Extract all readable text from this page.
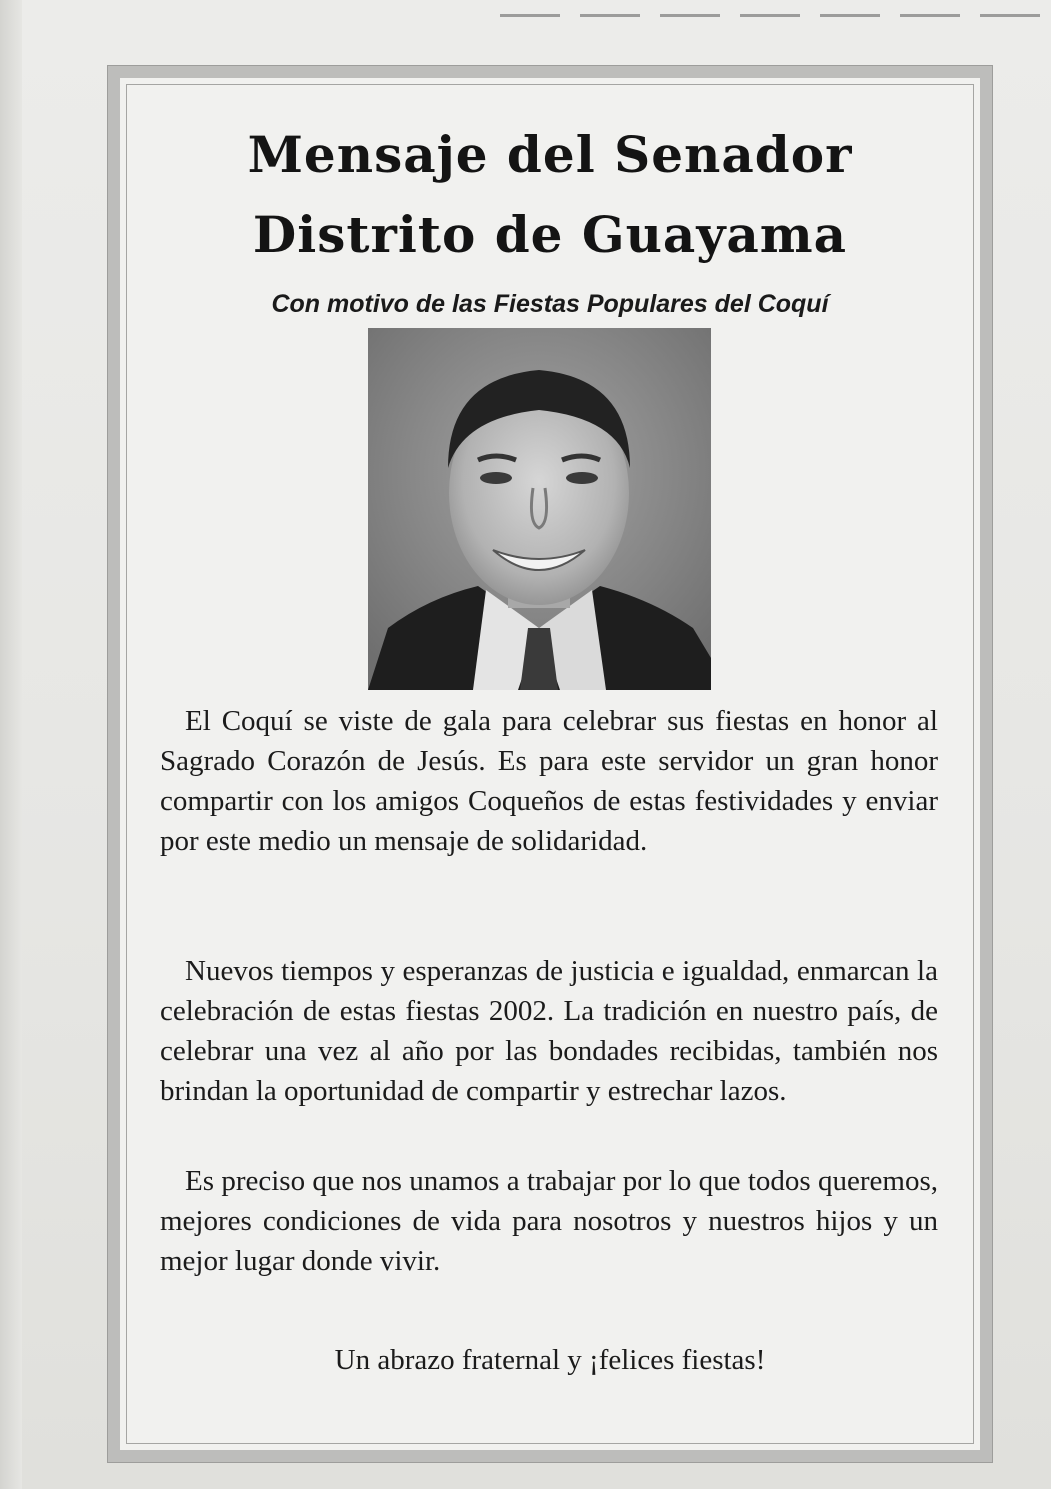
Mensaje del Senador
Distrito de Guayama

Con motivo de las Fiestas Populares del Coquí

El Coquí se viste de gala para celebrar sus fiestas en honor al Sagrado Corazón de Jesús. Es para este servidor un gran honor compartir con los amigos Coqueños de estas festividades y enviar por este medio un mensaje de solidaridad.

Nuevos tiempos y esperanzas de justicia e igualdad, enmarcan la celebración de estas fiestas 2002. La tradición en nuestro país, de celebrar una vez al año por las bondades recibidas, también nos brindan la oportunidad de compartir y estrechar lazos.

Es preciso que nos unamos a trabajar por lo que todos queremos, mejores condiciones de vida para nosotros y nuestros hijos y un mejor lugar donde vivir.

Un abrazo fraternal y ¡felices fiestas!
